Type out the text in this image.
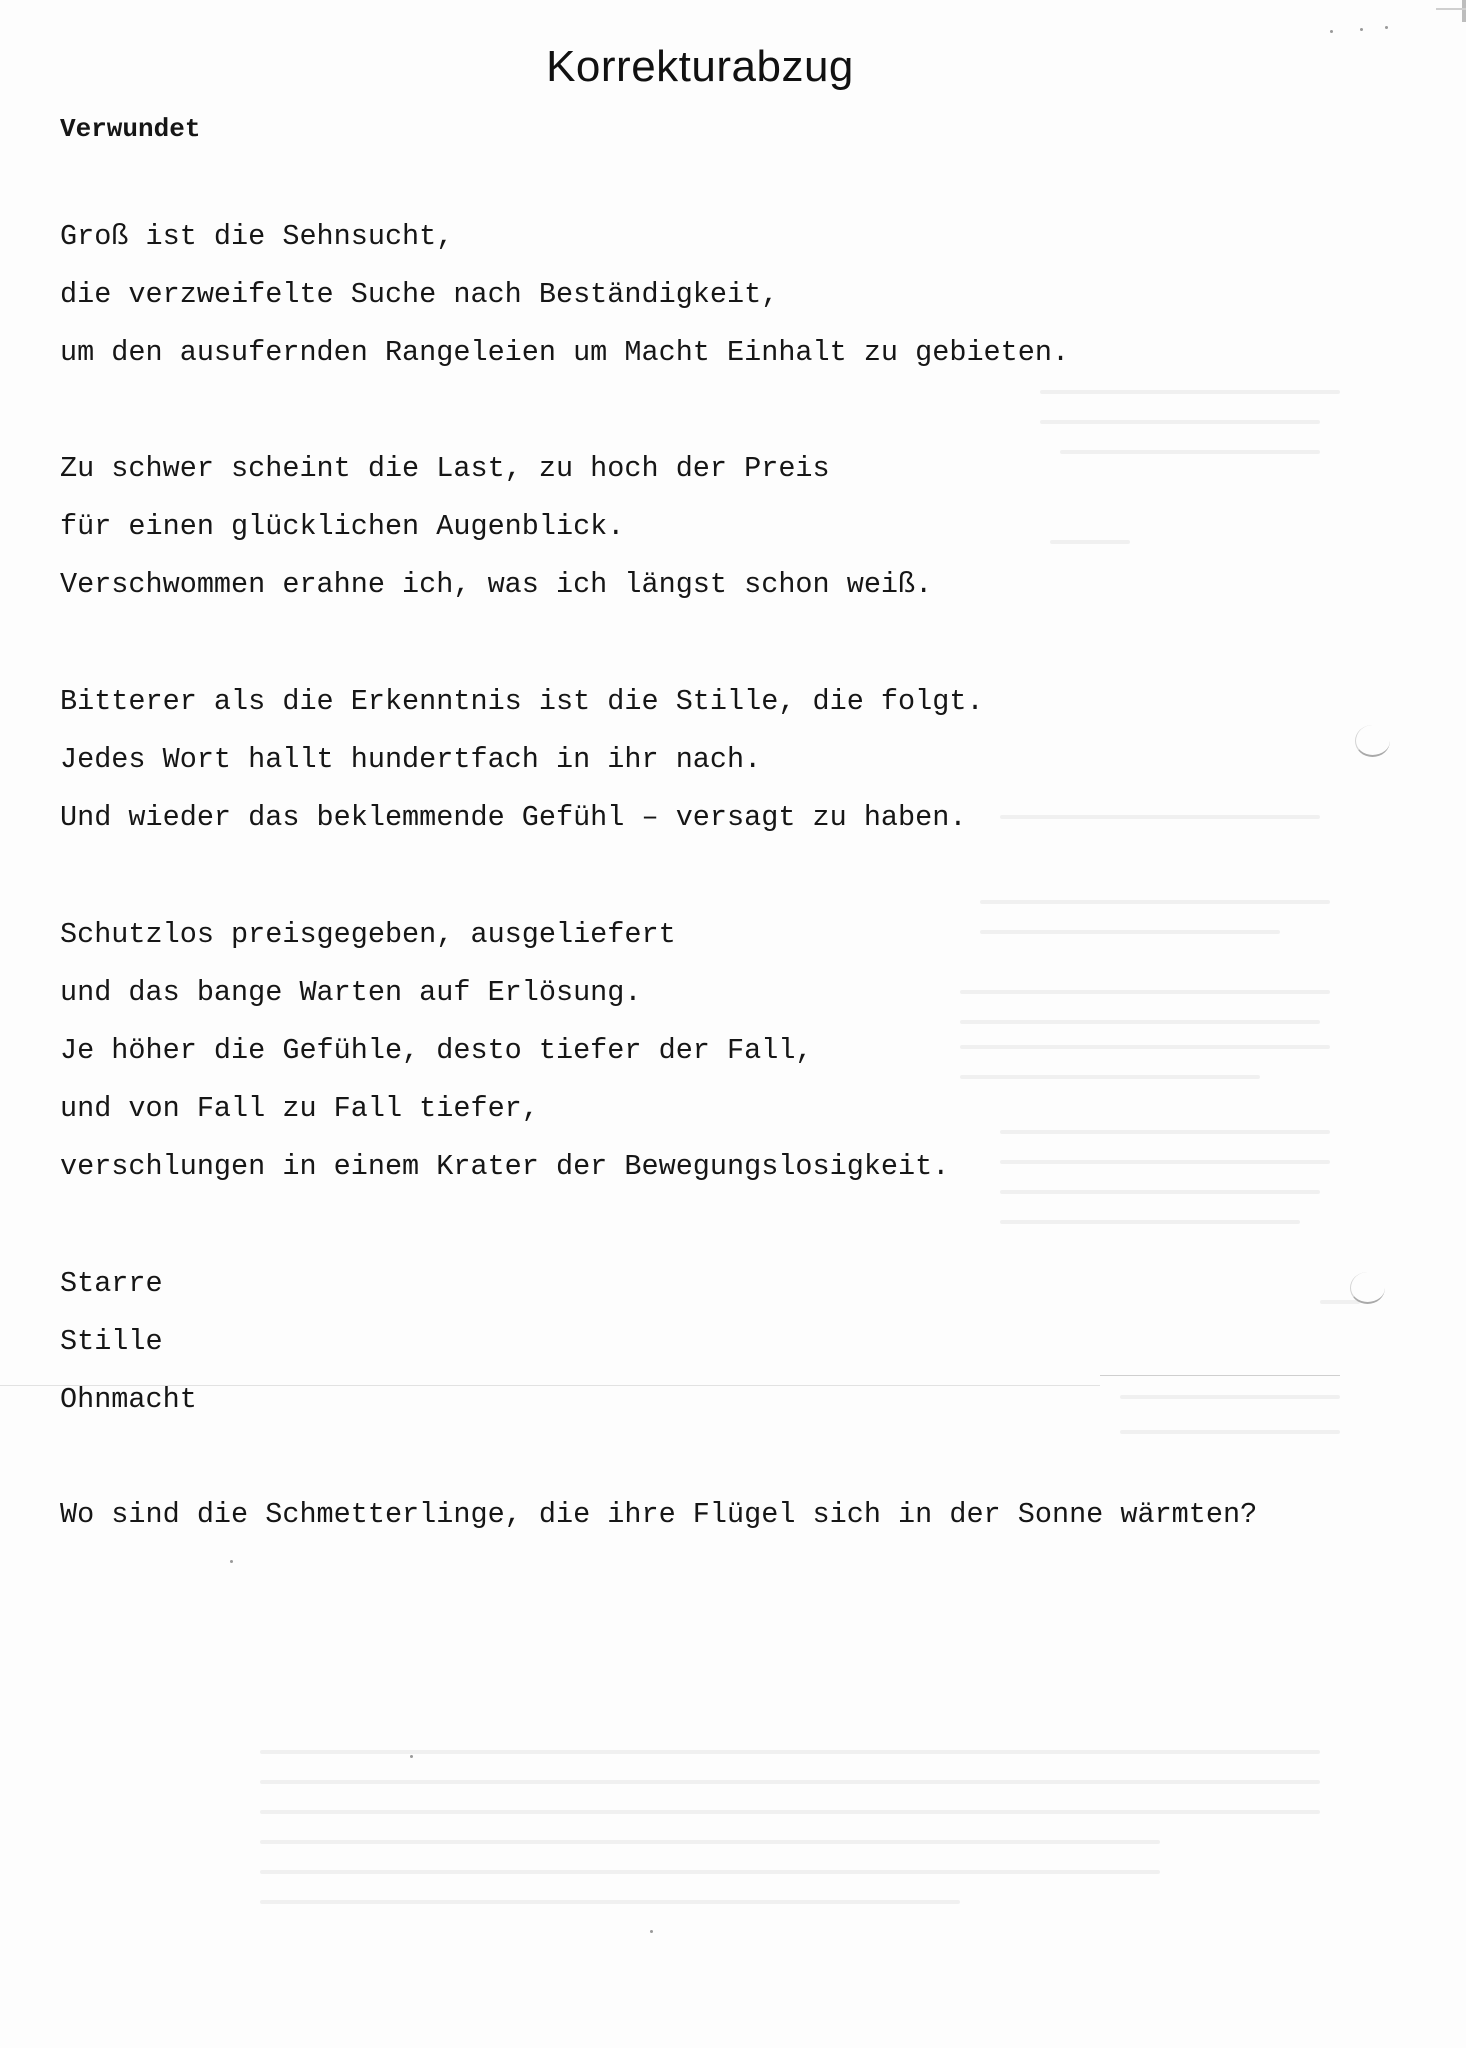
Korrekturabzug
Verwundet
Groß ist die Sehnsucht,
die verzweifelte Suche nach Beständigkeit,
um den ausufernden Rangeleien um Macht Einhalt zu gebieten.
Zu schwer scheint die Last, zu hoch der Preis
für einen glücklichen Augenblick.
Verschwommen erahne ich, was ich längst schon weiß.
Bitterer als die Erkenntnis ist die Stille, die folgt.
Jedes Wort hallt hundertfach in ihr nach.
Und wieder das beklemmende Gefühl – versagt zu haben.
Schutzlos preisgegeben, ausgeliefert
und das bange Warten auf Erlösung.
Je höher die Gefühle, desto tiefer der Fall,
und von Fall zu Fall tiefer,
verschlungen in einem Krater der Bewegungslosigkeit.
Starre
Stille
Ohnmacht
Wo sind die Schmetterlinge, die ihre Flügel sich in der Sonne wärmten?
